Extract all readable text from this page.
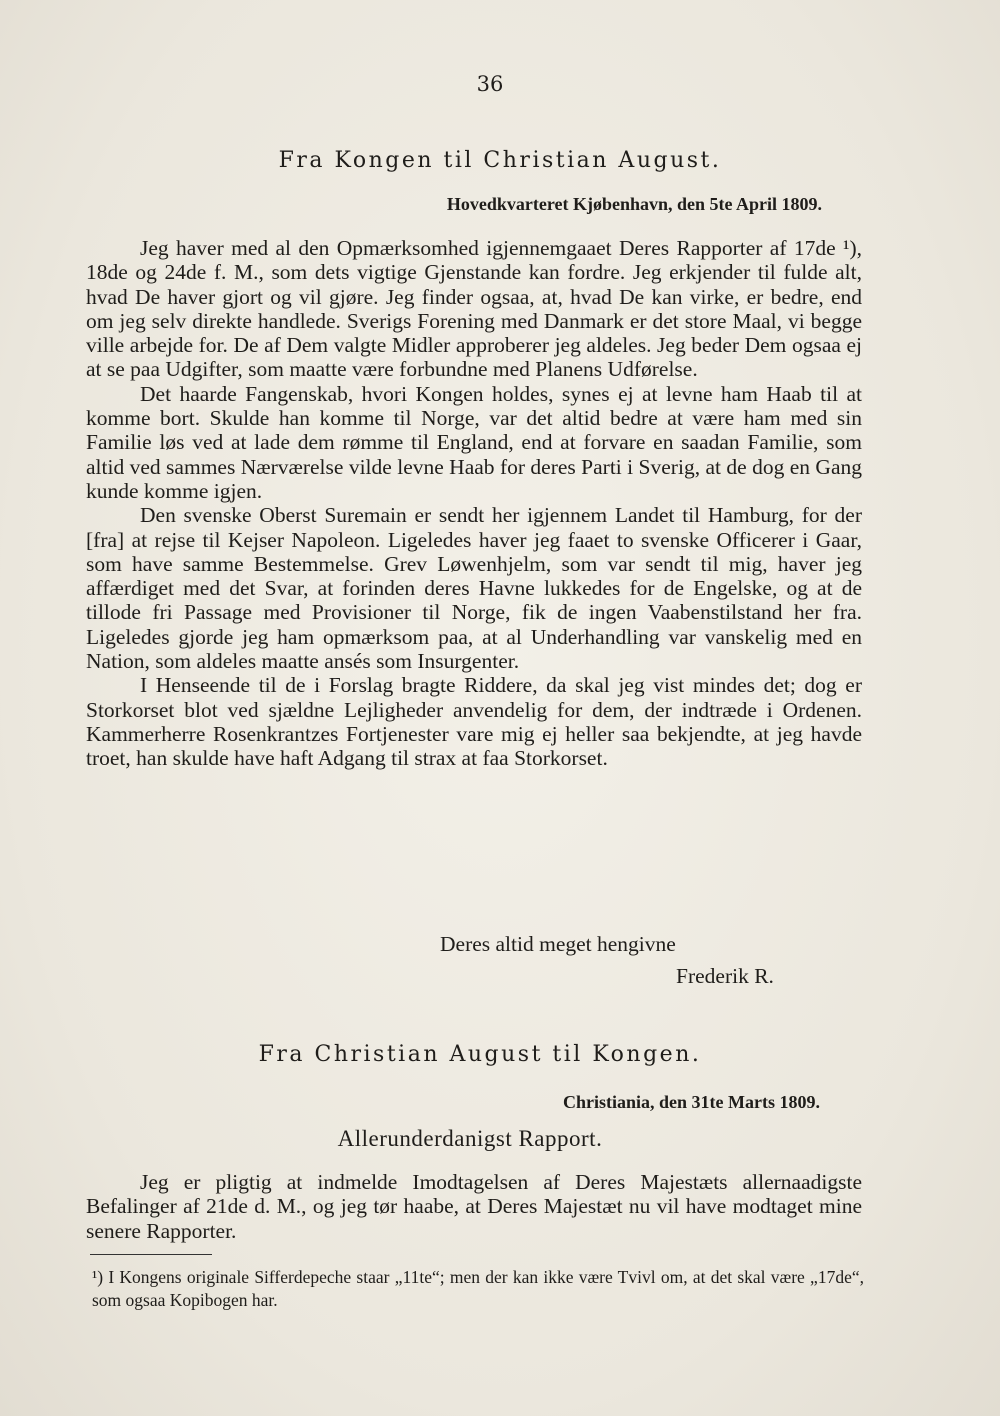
36
Fra Kongen til Christian August.
Hovedkvarteret Kjøbenhavn, den 5te April 1809.

Jeg haver med al den Opmærksomhed igjennemgaaet Deres Rapporter af 17de ¹), 18de og 24de f. M., som dets vigtige Gjenstande kan fordre. Jeg erkjender til fulde alt, hvad De haver gjort og vil gjøre. Jeg finder ogsaa, at, hvad De kan virke, er bedre, end om jeg selv direkte handlede. Sverigs Forening med Danmark er det store Maal, vi begge ville arbejde for. De af Dem valgte Midler approberer jeg aldeles. Jeg beder Dem ogsaa ej at se paa Udgifter, som maatte være forbundne med Planens Udførelse.

Det haarde Fangenskab, hvori Kongen holdes, synes ej at levne ham Haab til at komme bort. Skulde han komme til Norge, var det altid bedre at være ham med sin Familie løs ved at lade dem rømme til England, end at forvare en saadan Familie, som altid ved sammes Nærværelse vilde levne Haab for deres Parti i Sverig, at de dog en Gang kunde komme igjen.

Den svenske Oberst Suremain er sendt her igjennem Landet til Hamburg, for der [fra] at rejse til Kejser Napoleon. Ligeledes haver jeg faaet to svenske Officerer i Gaar, som have samme Bestemmelse. Grev Løwenhjelm, som var sendt til mig, haver jeg affærdiget med det Svar, at forinden deres Havne lukkedes for de Engelske, og at de tillode fri Passage med Provisioner til Norge, fik de ingen Vaabenstilstand her fra. Ligeledes gjorde jeg ham opmærksom paa, at al Underhandling var vanskelig med en Nation, som aldeles maatte ansés som Insurgenter.

I Henseende til de i Forslag bragte Riddere, da skal jeg vist mindes det; dog er Storkorset blot ved sjældne Lejligheder anvendelig for dem, der indtræde i Ordenen. Kammerherre Rosenkrantzes Fortjenester vare mig ej heller saa bekjendte, at jeg havde troet, han skulde have haft Adgang til strax at faa Storkorset.

Deres altid meget hengivne
Frederik R.
Fra Christian August til Kongen.
Christiania, den 31te Marts 1809.
Allerunderdanigst Rapport.

Jeg er pligtig at indmelde Imodtagelsen af Deres Majestæts allernaadigste Befalinger af 21de d. M., og jeg tør haabe, at Deres Majestæt nu vil have modtaget mine senere Rapporter.

¹) I Kongens originale Sifferdepeche staar „11te“; men der kan ikke være Tvivl om, at det skal være „17de“, som ogsaa Kopibogen har.
